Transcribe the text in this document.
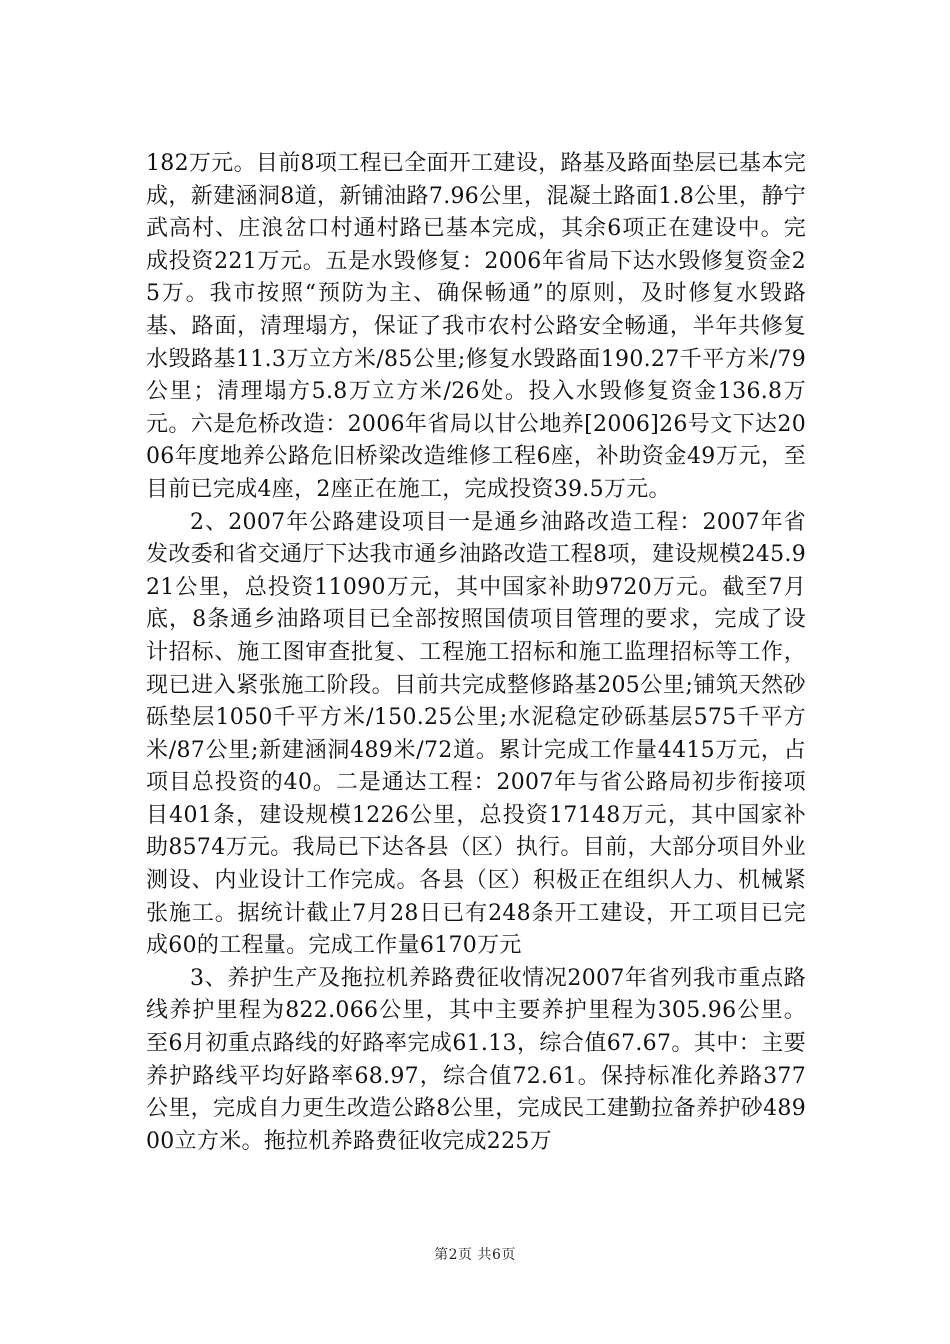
182万元。目前8项工程已全面开工建设，路基及路面垫层已基本完成，新建涵洞8道，新铺油路7.96公里，混凝土路面1.8公里，静宁武高村、庄浪岔口村通村路已基本完成，其余6项正在建设中。完成投资221万元。五是水毁修复：2006年省局下达水毁修复资金25万。我市按照“预防为主、确保畅通”的原则，及时修复水毁路基、路面，清理塌方，保证了我市农村公路安全畅通，半年共修复水毁路基11.3万立方米/85公里;修复水毁路面190.27千平方米/79公里；清理塌方5.8万立方米/26处。投入水毁修复资金136.8万元。六是危桥改造：2006年省局以甘公地养[2006]26号文下达2006年度地养公路危旧桥梁改造维修工程6座，补助资金49万元，至目前已完成4座，2座正在施工，完成投资39.5万元。

2、2007年公路建设项目一是通乡油路改造工程：2007年省发改委和省交通厅下达我市通乡油路改造工程8项，建设规模245.921公里，总投资11090万元，其中国家补助9720万元。截至7月底，8条通乡油路项目已全部按照国债项目管理的要求，完成了设计招标、施工图审查批复、工程施工招标和施工监理招标等工作，现已进入紧张施工阶段。目前共完成整修路基205公里;铺筑天然砂砾垫层1050千平方米/150.25公里;水泥稳定砂砾基层575千平方米/87公里;新建涵洞489米/72道。累计完成工作量4415万元，占项目总投资的40。二是通达工程：2007年与省公路局初步衔接项目401条，建设规模1226公里，总投资17148万元，其中国家补助8574万元。我局已下达各县（区）执行。目前，大部分项目外业测设、内业设计工作完成。各县（区）积极正在组织人力、机械紧张施工。据统计截止7月28日已有248条开工建设，开工项目已完成60的工程量。完成工作量6170万元

3、养护生产及拖拉机养路费征收情况2007年省列我市重点路线养护里程为822.066公里，其中主要养护里程为305.96公里。至6月初重点路线的好路率完成61.13，综合值67.67。其中：主要养护路线平均好路率68.97，综合值72.61。保持标准化养路377公里，完成自力更生改造公路8公里，完成民工建勤拉备养护砂48900立方米。拖拉机养路费征收完成225万

第2页 共6页
